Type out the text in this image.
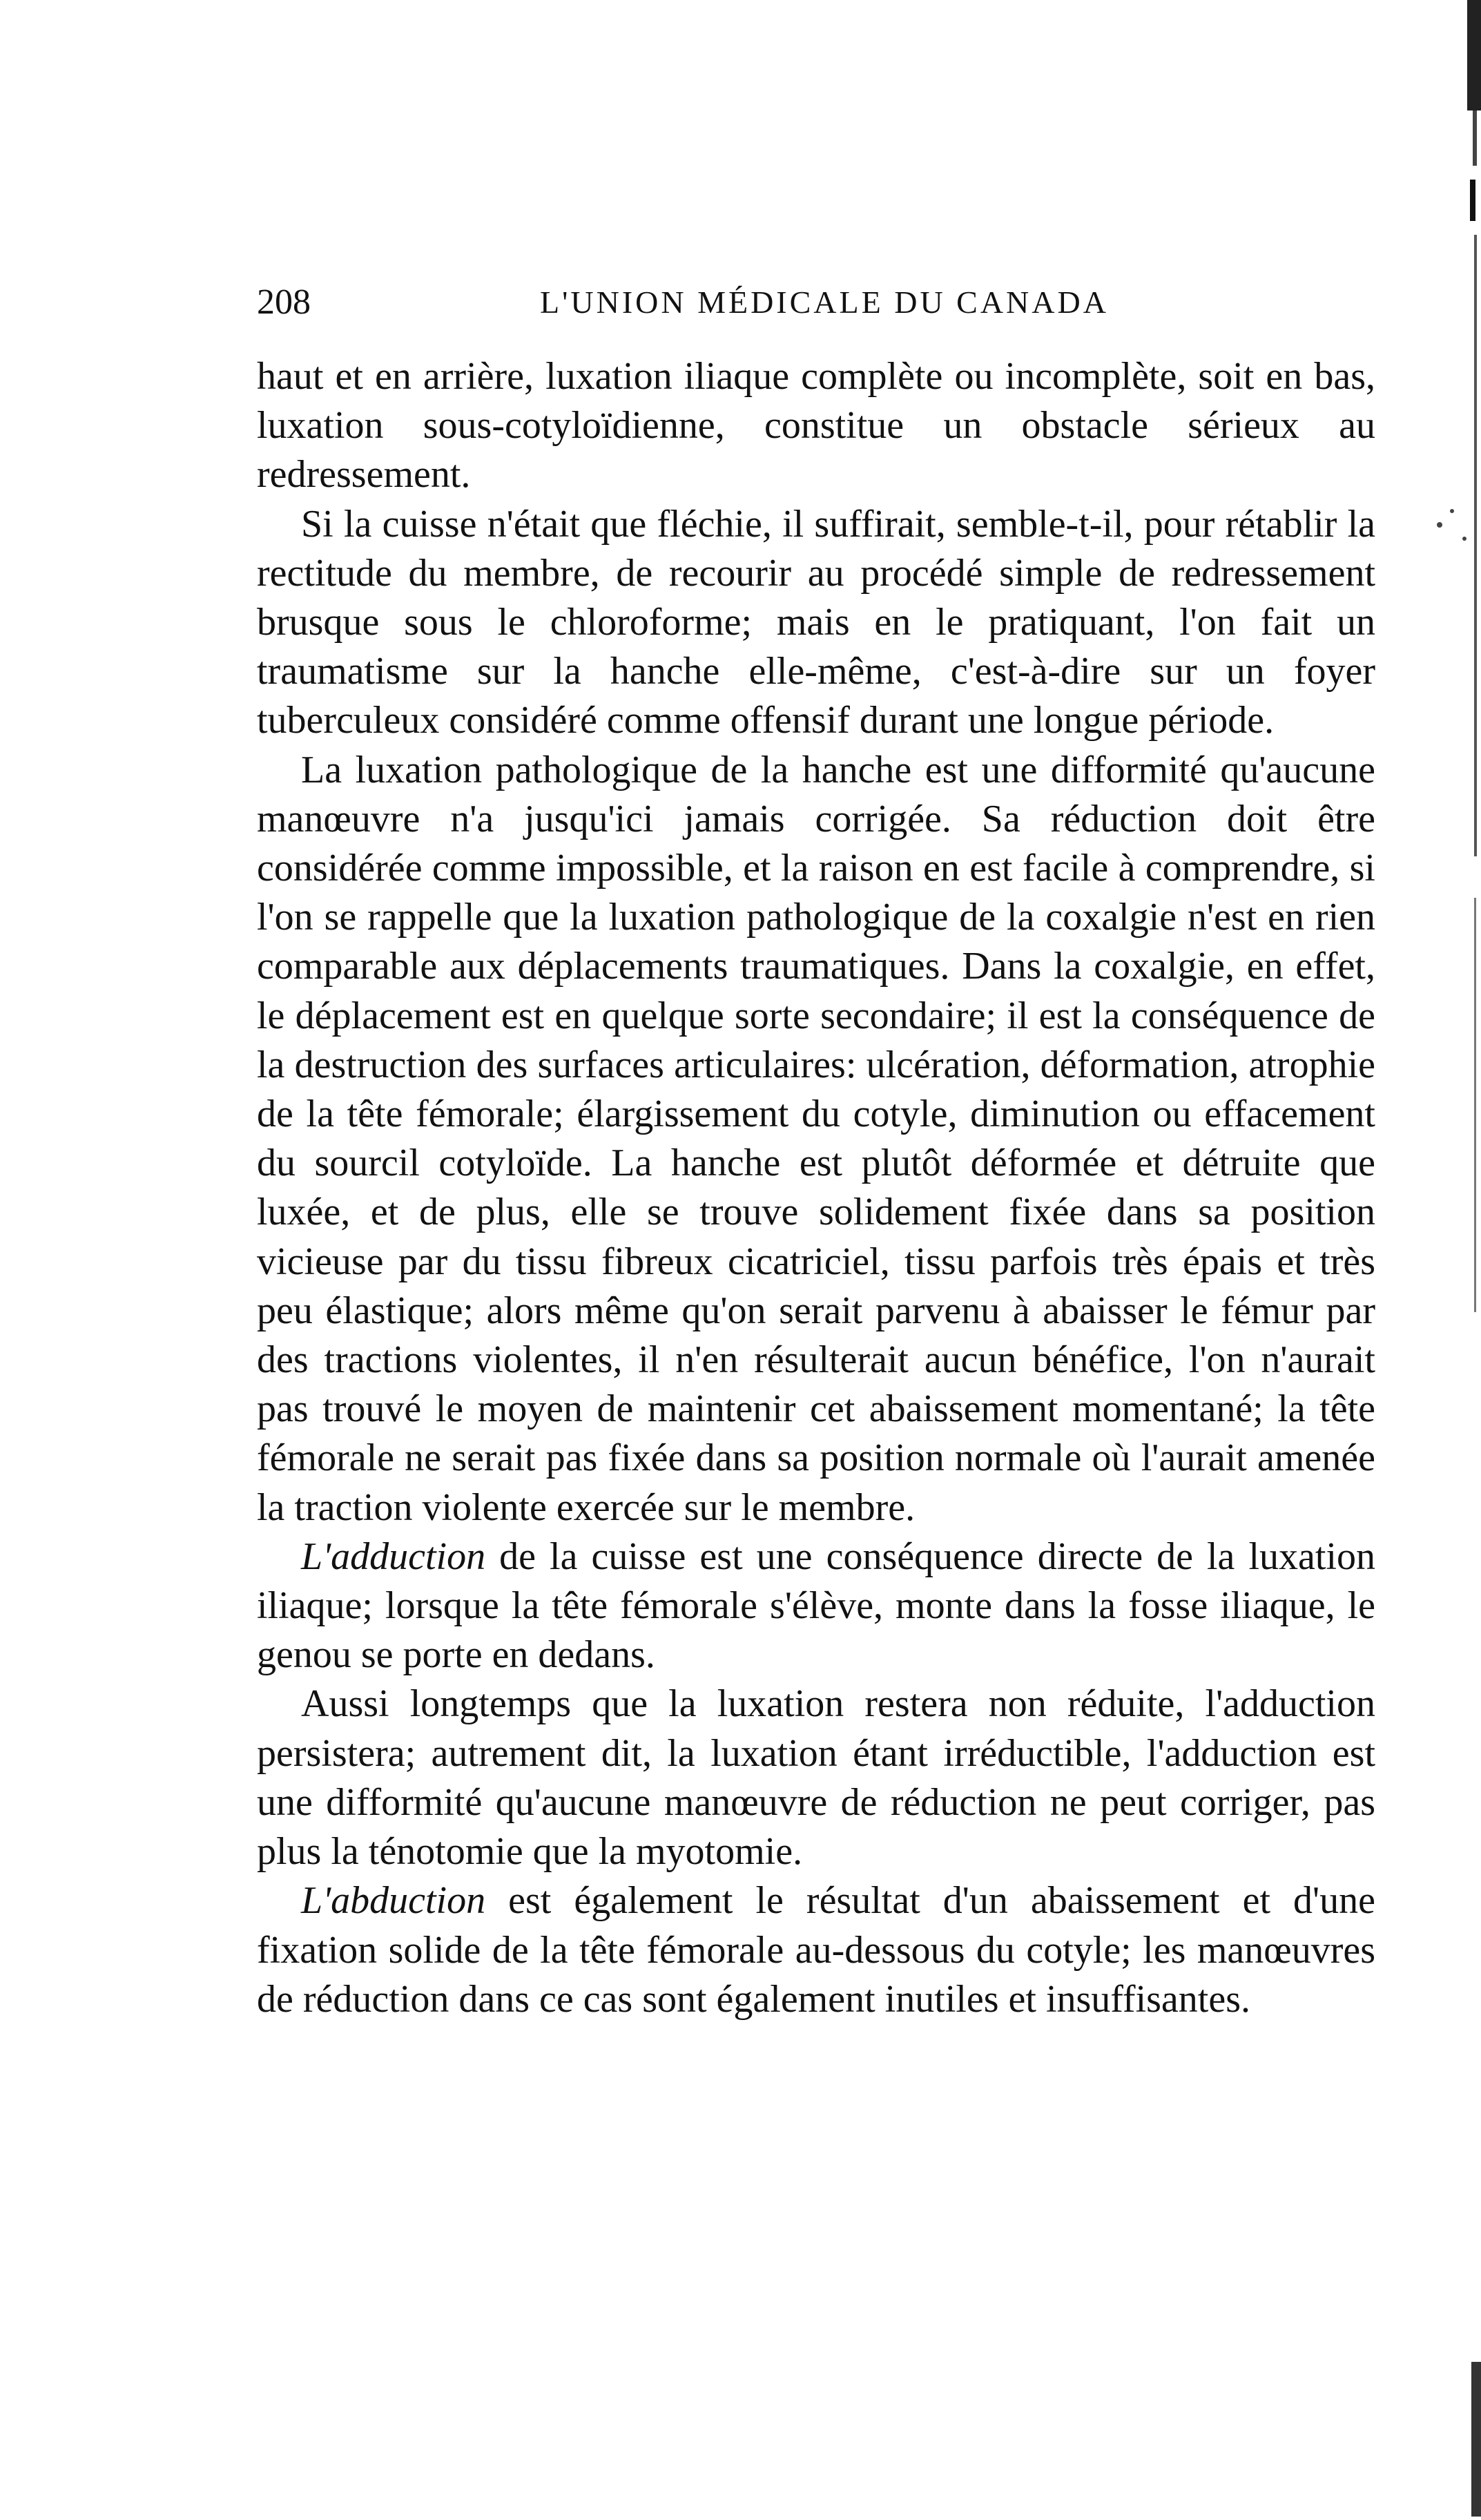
208	L'UNION MÉDICALE DU CANADA

haut et en arrière, luxation iliaque complète ou incomplète, soit en bas, luxation sous-cotyloïdienne, constitue un obstacle sérieux au redressement.

Si la cuisse n'était que fléchie, il suffirait, semble-t-il, pour rétablir la rectitude du membre, de recourir au procédé simple de redressement brusque sous le chloroforme; mais en le pratiquant, l'on fait un traumatisme sur la hanche elle-même, c'est-à-dire sur un foyer tuberculeux considéré comme offensif durant une longue période.

La luxation pathologique de la hanche est une difformité qu'aucune manœuvre n'a jusqu'ici jamais corrigée. Sa réduction doit être considérée comme impossible, et la raison en est facile à comprendre, si l'on se rappelle que la luxation pathologique de la coxalgie n'est en rien comparable aux déplacements traumatiques. Dans la coxalgie, en effet, le déplacement est en quelque sorte secondaire; il est la conséquence de la destruction des surfaces articulaires: ulcération, déformation, atrophie de la tête fémorale; élargissement du cotyle, diminution ou effacement du sourcil cotyloïde. La hanche est plutôt déformée et détruite que luxée, et de plus, elle se trouve solidement fixée dans sa position vicieuse par du tissu fibreux cicatriciel, tissu parfois très épais et très peu élastique; alors même qu'on serait parvenu à abaisser le fémur par des tractions violentes, il n'en résulterait aucun bénéfice, l'on n'aurait pas trouvé le moyen de maintenir cet abaissement momentané; la tête fémorale ne serait pas fixée dans sa position normale où l'aurait amenée la traction violente exercée sur le membre.

L'adduction de la cuisse est une conséquence directe de la luxation iliaque; lorsque la tête fémorale s'élève, monte dans la fosse iliaque, le genou se porte en dedans.

Aussi longtemps que la luxation restera non réduite, l'adduction persistera; autrement dit, la luxation étant irréductible, l'adduction est une difformité qu'aucune manœuvre de réduction ne peut corriger, pas plus la ténotomie que la myotomie.

L'abduction est également le résultat d'un abaissement et d'une fixation solide de la tête fémorale au-dessous du cotyle; les manœuvres de réduction dans ce cas sont également inutiles et insuffisantes.
